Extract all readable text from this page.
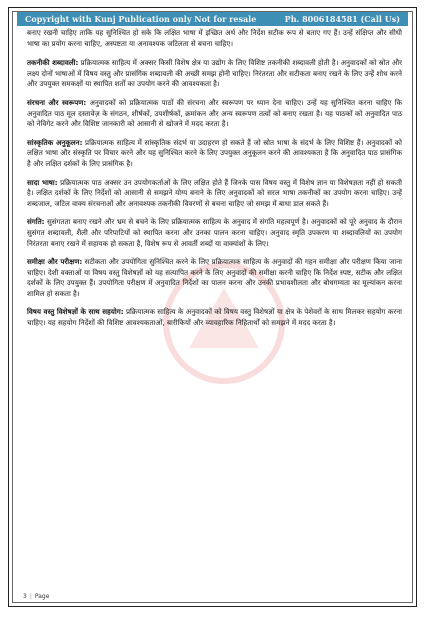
Copyright with Kunj Publication only Not for resale	Ph. 8006184581 (Call Us)

बनाए रखनी चाहिए ताकि यह सुनिश्चित हो सके कि लक्षित भाषा में इच्छित अर्थ और निर्देश सटीक रूप से बताए गए हैं। उन्हें संक्षिप्त और सीधी भाषा का प्रयोग करना चाहिए, अस्पष्टता या अनावश्यक जटिलता से बचना चाहिए।

तकनीकी शब्दावली: प्रक्रियात्मक साहित्य में अक्सर किसी विशेष क्षेत्र या उद्योग के लिए विशिष्ट तकनीकी शब्दावली होती है। अनुवादकों को स्रोत और लक्ष्य दोनों भाषाओं में विषय वस्तु और प्रासंगिक शब्दावली की अच्छी समझ होनी चाहिए। निरंतरता और सटीकता बनाए रखने के लिए उन्हें शोध करने और उपयुक्त समकक्षों या स्थापित शर्तों का उपयोग करने की आवश्यकता है।

संरचना और स्वरूपण: अनुवादकों को प्रक्रियात्मक पाठों की संरचना और स्वरूपण पर ध्यान देना चाहिए। उन्हें यह सुनिश्चित करना चाहिए कि अनुवादित पाठ मूल दस्तावेज़ के संगठन, शीर्षकों, उपशीर्षकों, क्रमांकन और अन्य स्वरूपण तत्वों को बनाए रखता है। यह पाठकों को अनुवादित पाठ को नेविगेट करने और विशिष्ट जानकारी को आसानी से खोजने में मदद करता है।

सांस्कृतिक अनुकूलन: प्रक्रियात्मक साहित्य में सांस्कृतिक संदर्भ या उदाहरण हो सकते हैं जो स्रोत भाषा के संदर्भ के लिए विशिष्ट हैं। अनुवादकों को लक्षित भाषा और संस्कृति पर विचार करने और यह सुनिश्चित करने के लिए उपयुक्त अनुकूलन करने की आवश्यकता है कि अनुवादित पाठ प्रासंगिक है और लक्षित दर्शकों के लिए प्रासंगिक है।

सादा भाषा: प्रक्रियात्मक पाठ अक्सर उन उपयोगकर्ताओं के लिए लक्षित होते हैं जिनके पास विषय वस्तु में विशेष ज्ञान या विशेषज्ञता नहीं हो सकती है। लक्षित दर्शकों के लिए निर्देशों को आसानी से समझने योग्य बनाने के लिए अनुवादकों को सरल भाषा तकनीकों का उपयोग करना चाहिए। उन्हें शब्दजाल, जटिल वाक्य संरचनाओं और अनावश्यक तकनीकी विवरणों से बचना चाहिए जो समझ में बाधा डाल सकते हैं।

संगति: सुसंगतता बनाए रखने और भ्रम से बचने के लिए प्रक्रियात्मक साहित्य के अनुवाद में संगति महत्वपूर्ण है। अनुवादकों को पूरे अनुवाद के दौरान सुसंगत शब्दावली, शैली और परिपाटियों को स्थापित करना और उनका पालन करना चाहिए। अनुवाद स्मृति उपकरण या शब्दावलियों का उपयोग निरंतरता बनाए रखने में सहायक हो सकता है, विशेष रूप से आवर्ती शब्दों या वाक्यांशों के लिए।

समीक्षा और परीक्षण: सटीकता और उपयोगिता सुनिश्चित करने के लिए प्रक्रियात्मक साहित्य के अनुवादों की गहन समीक्षा और परीक्षण किया जाना चाहिए। देशी वक्ताओं या विषय वस्तु विशेषज्ञों को यह सत्यापित करने के लिए अनुवादों की समीक्षा करनी चाहिए कि निर्देश स्पष्ट, सटीक और लक्षित दर्शकों के लिए उपयुक्त हैं। उपयोगिता परीक्षण में अनुवादित निर्देशों का पालन करना और उनकी प्रभावशीलता और बोधगम्यता का मूल्यांकन करना शामिल हो सकता है।

विषय वस्तु विशेषज्ञों के साथ सहयोग: प्रक्रियात्मक साहित्य के अनुवादकों को विषय वस्तु विशेषज्ञों या क्षेत्र के पेशेवरों के साथ मिलकर सहयोग करना चाहिए। यह सहयोग निर्देशों की विशिष्ट आवश्यकताओं, बारीकियों और व्यावहारिक निहितार्थों को समझने में मदद करता है।

3 | Page
